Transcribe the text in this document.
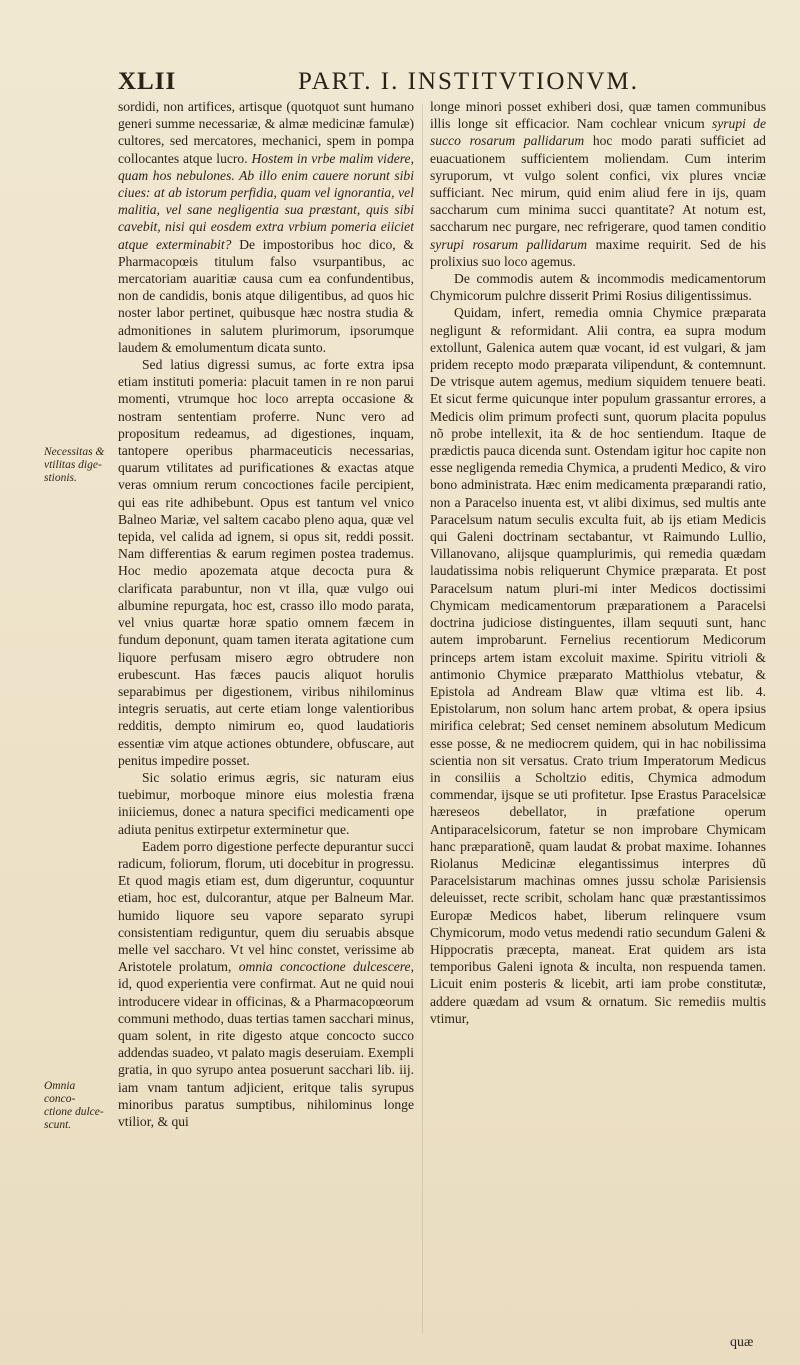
XLII	PART. I. INSTITVTIONVM.
Necessitas &
vtilitas dige-
stionis.
Omnia conco-
ctione dulce-
scunt.

sordidi, non artifices, artisque (quotquot sunt humano generi summe necessariæ, & almæ medicinæ famulæ) cultores, sed mercatores, mechanici, spem in pompa collocantes atque lucro. Hostem in vrbe malim videre, quam hos nebulones. Ab illo enim cauere norunt sibi ciues: at ab istorum perfidia, quam vel ignorantia, vel malitia, vel sane negligentia sua præstant, quis sibi cavebit, nisi qui eosdem extra vrbium pomeria eiiciet atque exterminabit? De impostoribus hoc dico, & Pharmacopœis titulum falso vsurpantibus, ac mercatoriam auaritiæ causa cum ea confundentibus, non de candidis, bonis atque diligentibus, ad quos hic noster labor pertinet, quibusque hæc nostra studia & admonitiones in salutem plurimorum, ipsorumque laudem & emolumentum dicata sunto.

Sed latius digressi sumus, ac forte extra ipsa etiam instituti pomeria: placuit tamen in re non parui momenti, vtrumque hoc loco arrepta occasione & nostram sententiam proferre. Nunc vero ad propositum redeamus, ad digestiones, inquam, tantopere operibus pharmaceuticis necessarias, quarum vtilitates ad purificationes & exactas atque veras omnium rerum concoctiones facile percipient, qui eas rite adhibebunt. Opus est tantum vel vnico Balneo Mariæ, vel saltem cacabo pleno aqua, quæ vel tepida, vel calida ad ignem, si opus sit, reddi possit. Nam differentias & earum regimen postea trademus. Hoc medio apozemata atque decocta pura & clarificata parabuntur, non vt illa, quæ vulgo oui albumine repurgata, hoc est, crasso illo modo parata, vel vnius quartæ horæ spatio omnem fæcem in fundum deponunt, quam tamen iterata agitatione cum liquore perfusam misero ægro obtrudere non erubescunt. Has fæces paucis aliquot horulis separabimus per digestionem, viribus nihilominus integris seruatis, aut certe etiam longe valentioribus redditis, dempto nimirum eo, quod laudatioris essentiæ vim atque actiones obtundere, obfuscare, aut penitus impedire posset.

Sic solatio erimus ægris, sic naturam eius tuebimur, morboque minore eius molestia fræna iniiciemus, donec a natura specifici medicamenti ope adiuta penitus extirpetur exterminetur que.

Eadem porro digestione perfecte depurantur succi radicum, foliorum, florum, uti docebitur in progressu. Et quod magis etiam est, dum digeruntur, coquuntur etiam, hoc est, dulcorantur, atque per Balneum Mar. humido liquore seu vapore separato syrupi consistentiam rediguntur, quem diu seruabis absque melle vel saccharo. Vt vel hinc constet, verissime ab Aristotele prolatum, omnia concoctione dulcescere, id, quod experientia vere confirmat. Aut ne quid noui introducere videar in officinas, & a Pharmacopœorum communi methodo, duas tertias tamen sacchari minus, quam solent, in rite digesto atque concocto succo addendas suadeo, vt palato magis deseruiam. Exempli gratia, in quo syrupo antea posuerunt sacchari lib. iij. iam vnam tantum adjicient, eritque talis syrupus minoribus paratus sumptibus, nihilominus longe vtilior, & qui

longe minori posset exhiberi dosi, quæ tamen communibus illis longe sit efficacior. Nam cochlear vnicum syrupi de succo rosarum pallidarum hoc modo parati sufficiet ad euacuationem sufficientem moliendam. Cum interim syruporum, vt vulgo solent confici, vix plures vnciæ sufficiant. Nec mirum, quid enim aliud fere in ijs, quam saccharum cum minima succi quantitate? At notum est, saccharum nec purgare, nec refrigerare, quod tamen conditio syrupi rosarum pallidarum maxime requirit. Sed de his prolixius suo loco agemus.

De commodis autem & incommodis medicamentorum Chymicorum pulchre disserit Primi Rosius diligentissimus.

Quidam, infert, remedia omnia Chymice præparata negligunt & reformidant. Alii contra, ea supra modum extollunt, Galenica autem quæ vocant, id est vulgari, & jam pridem recepto modo præparata vilipendunt, & contemnunt. De vtrisque autem agemus, medium siquidem tenuere beati. Et sicut ferme quicunque inter populum grassantur errores, a Medicis olim primum profecti sunt, quorum placita populus nõ probe intellexit, ita & de hoc sentiendum. Itaque de prædictis pauca dicenda sunt. Ostendam igitur hoc capite non esse negligenda remedia Chymica, a prudenti Medico, & viro bono administrata. Hæc enim medicamenta præparandi ratio, non a Paracelso inuenta est, vt alibi diximus, sed multis ante Paracelsum natum seculis exculta fuit, ab ijs etiam Medicis qui Galeni doctrinam sectabantur, vt Raimundo Lullio, Villanovano, alijsque quamplurimis, qui remedia quædam laudatissima nobis reliquerunt Chymice præparata. Et post Paracelsum natum pluri-mi inter Medicos doctissimi Chymicam medicamentorum præparationem a Paracelsi doctrina judiciose distinguentes, illam sequuti sunt, hanc autem improbarunt. Fernelius recentiorum Medicorum princeps artem istam excoluit maxime. Spiritu vitrioli & antimonio Chymice præparato Matthiolus vtebatur, & Epistola ad Andream Blaw quæ vltima est lib. 4. Epistolarum, non solum hanc artem probat, & opera ipsius mirifica celebrat; Sed censet neminem absolutum Medicum esse posse, & ne mediocrem quidem, qui in hac nobilissima scientia non sit versatus. Crato trium Imperatorum Medicus in consiliis a Scholtzio editis, Chymica admodum commendar, ijsque se uti profitetur. Ipse Erastus Paracelsicæ hæreseos debellator, in præfatione operum Antiparacelsicorum, fatetur se non improbare Chymicam hanc præparationẽ, quam laudat & probat maxime. Iohannes Riolanus Medicinæ elegantissimus interpres dũ Paracelsistarum machinas omnes jussu scholæ Parisiensis deleuisset, recte scribit, scholam hanc quæ præstantissimos Europæ Medicos habet, liberum relinquere vsum Chymicorum, modo vetus medendi ratio secundum Galeni & Hippocratis præcepta, maneat. Erat quidem ars ista temporibus Galeni ignota & inculta, non respuenda tamen. Licuit enim posteris & licebit, arti iam probe constitutæ, addere quædam ad vsum & ornatum. Sic remediis multis vtimur,

quæ
